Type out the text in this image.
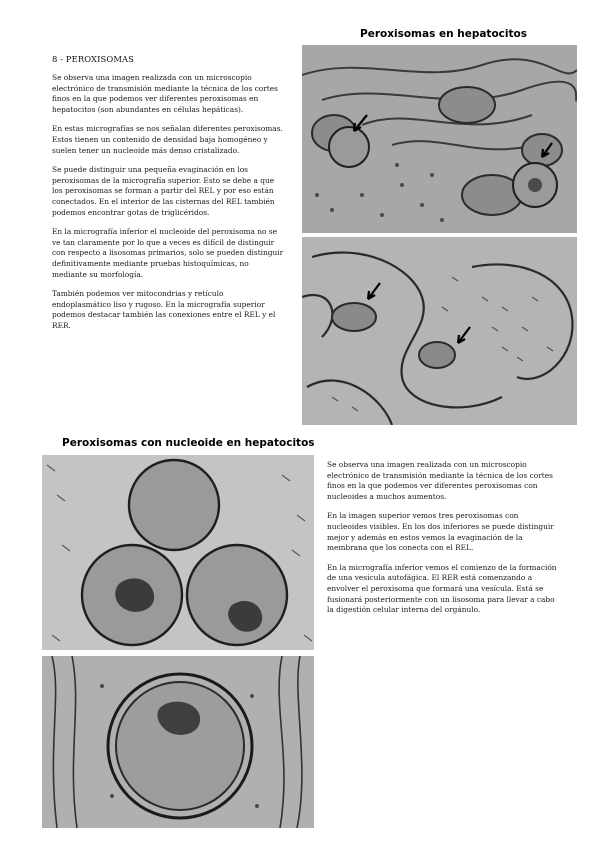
Peroxisomas en hepatocitos
8 - PEROXISOMAS

Se observa una imagen realizada con un microscopio electrónico de transmisión mediante la técnica de los cortes finos en la que podemos ver diferentes peroxisomas en hepatocitos (son abundantes en células hepáticas).

En estas micrografías se nos señalan diferentes peroxisomas. Estos tienen un contenido de densidad baja homogéneo y suelen tener un nucleoide más denso cristalizado.

Se puede distinguir una pequeña evaginación en los peroxisomas de la micrografía superior. Esto se debe a que los peroxisomas se forman a partir del REL y por eso están conectados. En el interior de las cisternas del REL también podemos encontrar gotas de triglicéridos.

En la micrografía inferior el nucleoide del peroxisoma no se ve tan claramente por lo que a veces es difícil de distinguir con respecto a lisosomas primarios, solo se pueden distinguir definitivamente mediante pruebas histoquímicas, no mediante su morfología.

También podemos ver mitocondrias y retículo endoplasmático liso y rugoso. En la micrografía superior podemos destacar también las conexiones entre el REL y el RER.

Peroxisomas con nucleoide en hepatocitos

Se observa una imagen realizada con un microscopio electrónico de transmisión mediante la técnica de los cortes finos en la que podemos ver diferentes peroxisomas con nucleoides a muchos aumentos.

En la imagen superior vemos tres peroxisomas con nucleoides visibles. En los dos inferiores se puede distinguir mejor y además en estos vemos la evaginación de la membrana que los conecta con el REL.

En la micrografía inferior vemos el comienzo de la formación de una vesícula autofágica. El RER está comenzando a envolver el peroxisoma que formará una vesícula. Está se fusionará posteriormente con un lisosoma para llevar a cabo la digestión celular interna del orgánulo.
